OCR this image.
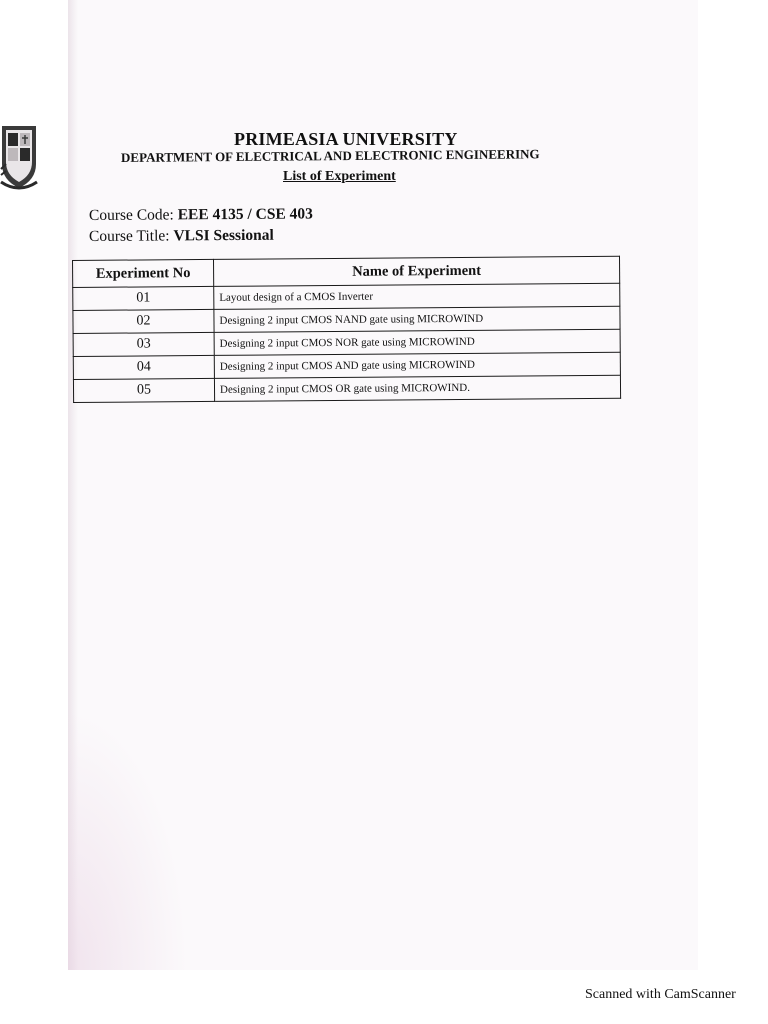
PRIMEASIA UNIVERSITY
DEPARTMENT OF ELECTRICAL AND ELECTRONIC ENGINEERING
List of Experiment
Course Code: EEE 4135 / CSE 403
Course Title: VLSI Sessional
Experiment No	Name of Experiment
01	Layout design of a CMOS Inverter
02	Designing 2 input CMOS NAND gate using MICROWIND
03	Designing 2 input CMOS NOR gate using MICROWIND
04	Designing 2 input CMOS AND gate using MICROWIND
05	Designing 2 input CMOS OR gate using MICROWIND.
Scanned with CamScanner
